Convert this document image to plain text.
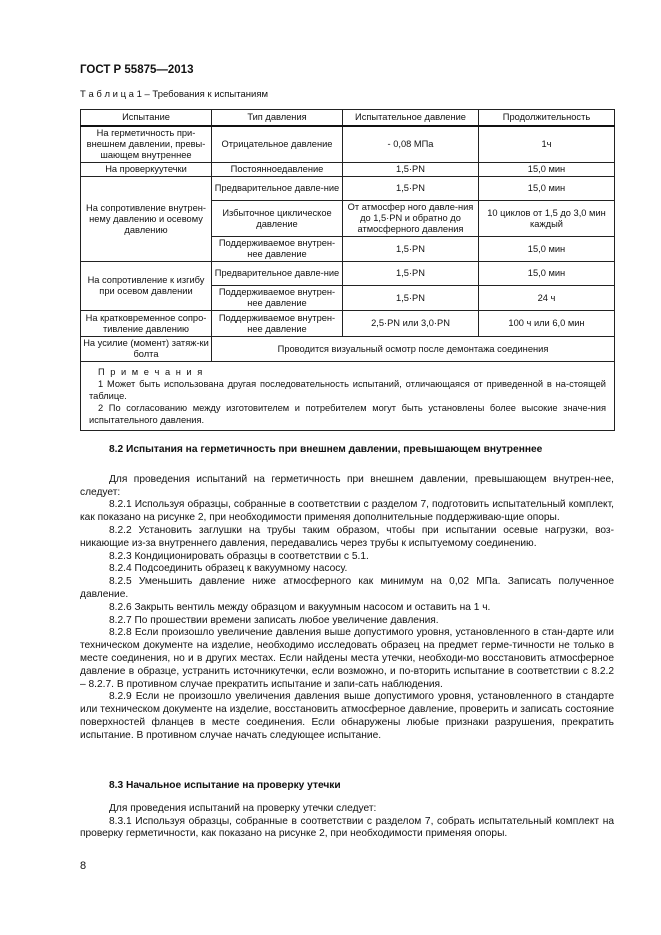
ГОСТ Р 55875—2013
Т а б л и ц а 1 – Требования к испытаниям
Испытание	Тип давления	Испытательное давление	Продолжительность
На герметичность при-внешнем давлении, превы-шающем внутреннее	Отрицательное давление	- 0,08 МПа	1ч
На проверкуутечки	Постоянноедавление	1,5·PN	15,0 мин
На сопротивление внутрен-нему давлению и осевому давлению	Предварительное давле-ние	1,5·PN	15,0 мин
	Избыточное циклическое давление	От атмосфер ного давле-ния до 1,5·PN и обратно до атмосферного давления	10 циклов от 1,5 до 3,0 мин каждый
	Поддерживаемое внутрен-нее давление	1,5·PN	15,0 мин
На сопротивление к изгибу при осевом давлении	Предварительное давле-ние	1,5·PN	15,0 мин
	Поддерживаемое внутрен-нее давление	1,5·PN	24 ч
На кратковременное сопро-тивление давлению	Поддерживаемое внутрен-нее давление	2,5·PN или 3,0·PN	100 ч или 6,0 мин
На усилие (момент) затяж-ки болта	Проводится визуальный осмотр после демонтажа соединения		

П р и м е ч а н и я

1 Может быть использована другая последовательность испытаний, отличающаяся от приведенной в на-стоящей таблице.

2 По согласованию между изготовителем и потребителем могут быть установлены более высокие значе-ния испытательного давления.			

8.2 Испытания на герметичность при внешнем давлении, превышающем внутреннее

Для проведения испытаний на герметичность при внешнем давлении, превышающем внутрен-нее, следует:

8.2.1 Используя образцы, собранные в соответствии с разделом 7, подготовить испытательный комплект, как показано на рисунке 2, при необходимости применяя дополнительные поддерживаю-щие опоры.

8.2.2 Установить заглушки на трубы таким образом, чтобы при испытании осевые нагрузки, воз-никающие из-за внутреннего давления, передавались через трубы к испытуемому соединению.

8.2.3 Кондиционировать образцы в соответствии с 5.1.

8.2.4 Подсоединить образец к вакуумному насосу.

8.2.5 Уменьшить давление ниже атмосферного как минимум на 0,02 МПа. Записать полученное давление.

8.2.6 Закрыть вентиль между образцом и вакуумным насосом и оставить на 1 ч.

8.2.7 По прошествии времени записать любое увеличение давления.

8.2.8 Если произошло увеличение давления выше допустимого уровня, установленного в стан-дарте или техническом документе на изделие, необходимо исследовать образец на предмет герме-тичности не только в месте соединения, но и в других местах. Если найдены места утечки, необходи-мо восстановить атмосферное давление в образце, устранить источникутечки, если возможно, и по-вторить испытание в соответствии с 8.2.2 – 8.2.7. В противном случае прекратить испытание и запи-сать наблюдения.

8.2.9 Если не произошло увеличения давления выше допустимого уровня, установленного в стандарте или техническом документе на изделие, восстановить атмосферное давление, проверить и записать состояние поверхностей фланцев в месте соединения. Если обнаружены любые признаки разрушения, прекратить испытание. В противном случае начать следующее испытание.

8.3 Начальное испытание на проверку утечки

Для проведения испытаний на проверку утечки следует:

8.3.1 Используя образцы, собранные в соответствии с разделом 7, собрать испытательный комплект на проверку герметичности, как показано на рисунке 2, при необходимости применяя опоры.

8
